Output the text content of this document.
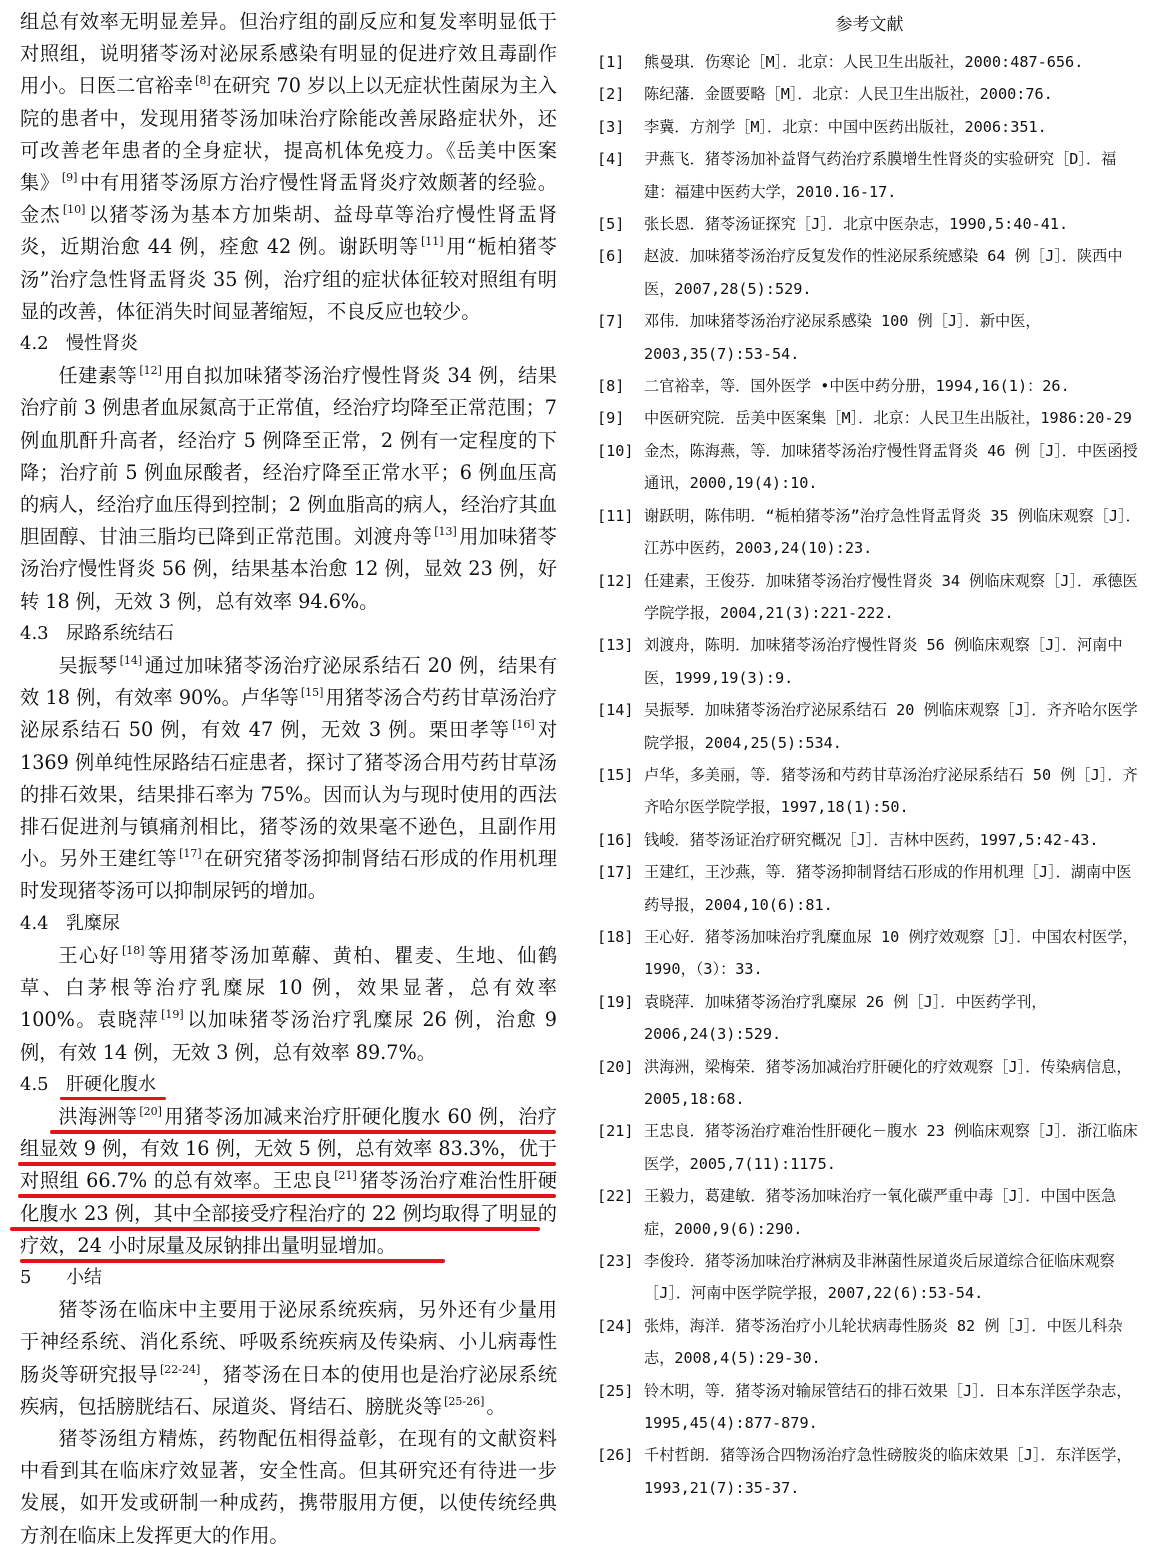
组总有效率无明显差异。但治疗组的副反应和复发率明显低于对照组，说明猪苓汤对泌尿系感染有明显的促进疗效且毒副作用小。日医二官裕幸 [8] 在研究 70 岁以上以无症状性菌尿为主入院的患者中，发现用猪苓汤加味治疗除能改善尿路症状外，还可改善老年患者的全身症状，提高机体免疫力。《岳美中医案集》 [9] 中有用猪苓汤原方治疗慢性肾盂肾炎疗效颇著的经验。金杰 [10] 以猪苓汤为基本方加柴胡、益母草等治疗慢性肾盂肾炎，近期治愈 44 例，痊愈 42 例。谢跃明等 [11] 用“栀柏猪苓汤”治疗急性肾盂肾炎 35 例，治疗组的症状体征较对照组有明显的改善，体征消失时间显著缩短，不良反应也较少。

4.2 慢性肾炎

任建素等 [12] 用自拟加味猪苓汤治疗慢性肾炎 34 例，结果治疗前 3 例患者血尿氮高于正常值，经治疗均降至正常范围；7 例血肌酐升高者，经治疗 5 例降至正常，2 例有一定程度的下降；治疗前 5 例血尿酸者，经治疗降至正常水平；6 例血压高的病人，经治疗血压得到控制；2 例血脂高的病人，经治疗其血胆固醇、甘油三脂均已降到正常范围。刘渡舟等 [13] 用加味猪苓汤治疗慢性肾炎 56 例，结果基本治愈 12 例，显效 23 例，好转 18 例，无效 3 例，总有效率 94.6%。

4.3 尿路系统结石

吴振琴 [14] 通过加味猪苓汤治疗泌尿系结石 20 例，结果有效 18 例，有效率 90%。卢华等 [15] 用猪苓汤合芍药甘草汤治疗泌尿系结石 50 例，有效 47 例，无效 3 例。栗田孝等 [16] 对 1369 例单纯性尿路结石症患者，探讨了猪苓汤合用芍药甘草汤的排石效果，结果排石率为 75%。因而认为与现时使用的西法排石促进剂与镇痛剂相比，猪苓汤的效果毫不逊色，且副作用小。另外王建红等 [17] 在研究猪苓汤抑制肾结石形成的作用机理时发现猪苓汤可以抑制尿钙的增加。

4.4 乳糜尿

王心好 [18] 等用猪苓汤加萆薢、黄柏、瞿麦、生地、仙鹤草、白茅根等治疗乳糜尿 10 例，效果显著，总有效率 100%。袁晓萍 [19] 以加味猪苓汤治疗乳糜尿 26 例，治愈 9 例，有效 14 例，无效 3 例，总有效率 89.7%。

4.5 肝硬化腹水

洪海洲等 [20] 用猪苓汤加减来治疗肝硬化腹水 60 例，治疗组显效 9 例，有效 16 例，无效 5 例，总有效率 83.3%，优于对照组 66.7% 的总有效率。王忠良 [21] 猪苓汤治疗难治性肝硬化腹水 23 例，其中全部接受疗程治疗的 22 例均取得了明显的疗效，24 小时尿量及尿钠排出量明显增加。

5 小结

猪苓汤在临床中主要用于泌尿系统疾病，另外还有少量用于神经系统、消化系统、呼吸系统疾病及传染病、小儿病毒性肠炎等研究报导 [22-24] ，猪苓汤在日本的使用也是治疗泌尿系统疾病，包括膀胱结石、尿道炎、肾结石、膀胱炎等 [25-26] 。

猪苓汤组方精炼，药物配伍相得益彰，在现有的文献资料中看到其在临床疗效显著，安全性高。但其研究还有待进一步发展，如开发或研制一种成药，携带服用方便，以使传统经典方剂在临床上发挥更大的作用。

参考文献
[1] 熊曼琪．伤寒论［M］．北京：人民卫生出版社，2000:487-656.
[2] 陈纪藩．金匮要略［M］．北京：人民卫生出版社，2000:76.
[3] 李冀．方剂学［M］．北京：中国中医药出版社，2006:351.
[4] 尹燕飞．猪苓汤加补益肾气药治疗系膜增生性肾炎的实验研究［D］．福建：福建中医药大学，2010.16-17.
[5] 张长恩．猪苓汤证探究［J］．北京中医杂志，1990,5:40-41.
[6] 赵波．加味猪苓汤治疗反复发作的性泌尿系统感染 64 例［J］．陕西中医，2007,28(5):529.
[7] 邓伟．加味猪苓汤治疗泌尿系感染 100 例［J］．新中医，2003,35(7):53-54.
[8] 二官裕幸，等．国外医学 •中医中药分册，1994,16(1)：26.
[9] 中医研究院．岳美中医案集［M］．北京：人民卫生出版社，1986:20-29
[10] 金杰，陈海燕，等．加味猪苓汤治疗慢性肾盂肾炎 46 例［J］．中医函授通讯，2000,19(4):10.
[11] 谢跃明，陈伟明．“栀柏猪苓汤”治疗急性肾盂肾炎 35 例临床观察［J］．江苏中医药，2003,24(10):23.
[12] 任建素，王俊芬．加味猪苓汤治疗慢性肾炎 34 例临床观察［J］．承德医学院学报，2004,21(3):221-222.
[13] 刘渡舟，陈明．加味猪苓汤治疗慢性肾炎 56 例临床观察［J］．河南中医，1999,19(3):9.
[14] 吴振琴．加味猪苓汤治疗泌尿系结石 20 例临床观察［J］．齐齐哈尔医学院学报，2004,25(5):534.
[15] 卢华，多美丽，等．猪苓汤和芍药甘草汤治疗泌尿系结石 50 例［J］．齐齐哈尔医学院学报，1997,18(1):50.
[16] 钱峻．猪苓汤证治疗研究概况［J］．吉林中医药，1997,5:42-43.
[17] 王建红，王沙燕，等．猪苓汤抑制肾结石形成的作用机理［J］．湖南中医药导报，2004,10(6):81.
[18] 王心好．猪苓汤加味治疗乳糜血尿 10 例疗效观察［J］．中国农村医学，1990，（3）：33.
[19] 袁晓萍．加味猪苓汤治疗乳糜尿 26 例［J］．中医药学刊，2006,24(3):529.
[20] 洪海洲，梁梅荣．猪苓汤加减治疗肝硬化的疗效观察［J］．传染病信息，2005,18:68.
[21] 王忠良．猪苓汤治疗难治性肝硬化－腹水 23 例临床观察［J］．浙江临床医学，2005,7(11):1175.
[22] 王毅力，葛建敏．猪苓汤加味治疗一氧化碳严重中毒［J］．中国中医急症，2000,9(6):290.
[23] 李俊玲．猪苓汤加味治疗淋病及非淋菌性尿道炎后尿道综合征临床观察［J］．河南中医学院学报，2007,22(6):53-54.
[24] 张炜，海洋．猪苓汤治疗小儿轮状病毒性肠炎 82 例［J］．中医儿科杂志，2008,4(5):29-30.
[25] 铃木明，等．猪苓汤对输尿管结石的排石效果［J］．日本东洋医学杂志，1995,45(4):877-879.
[26] 千村哲朗．猪等汤合四物汤治疗急性磅胺炎的临床效果［J］．东洋医学，1993,21(7):35-37.
